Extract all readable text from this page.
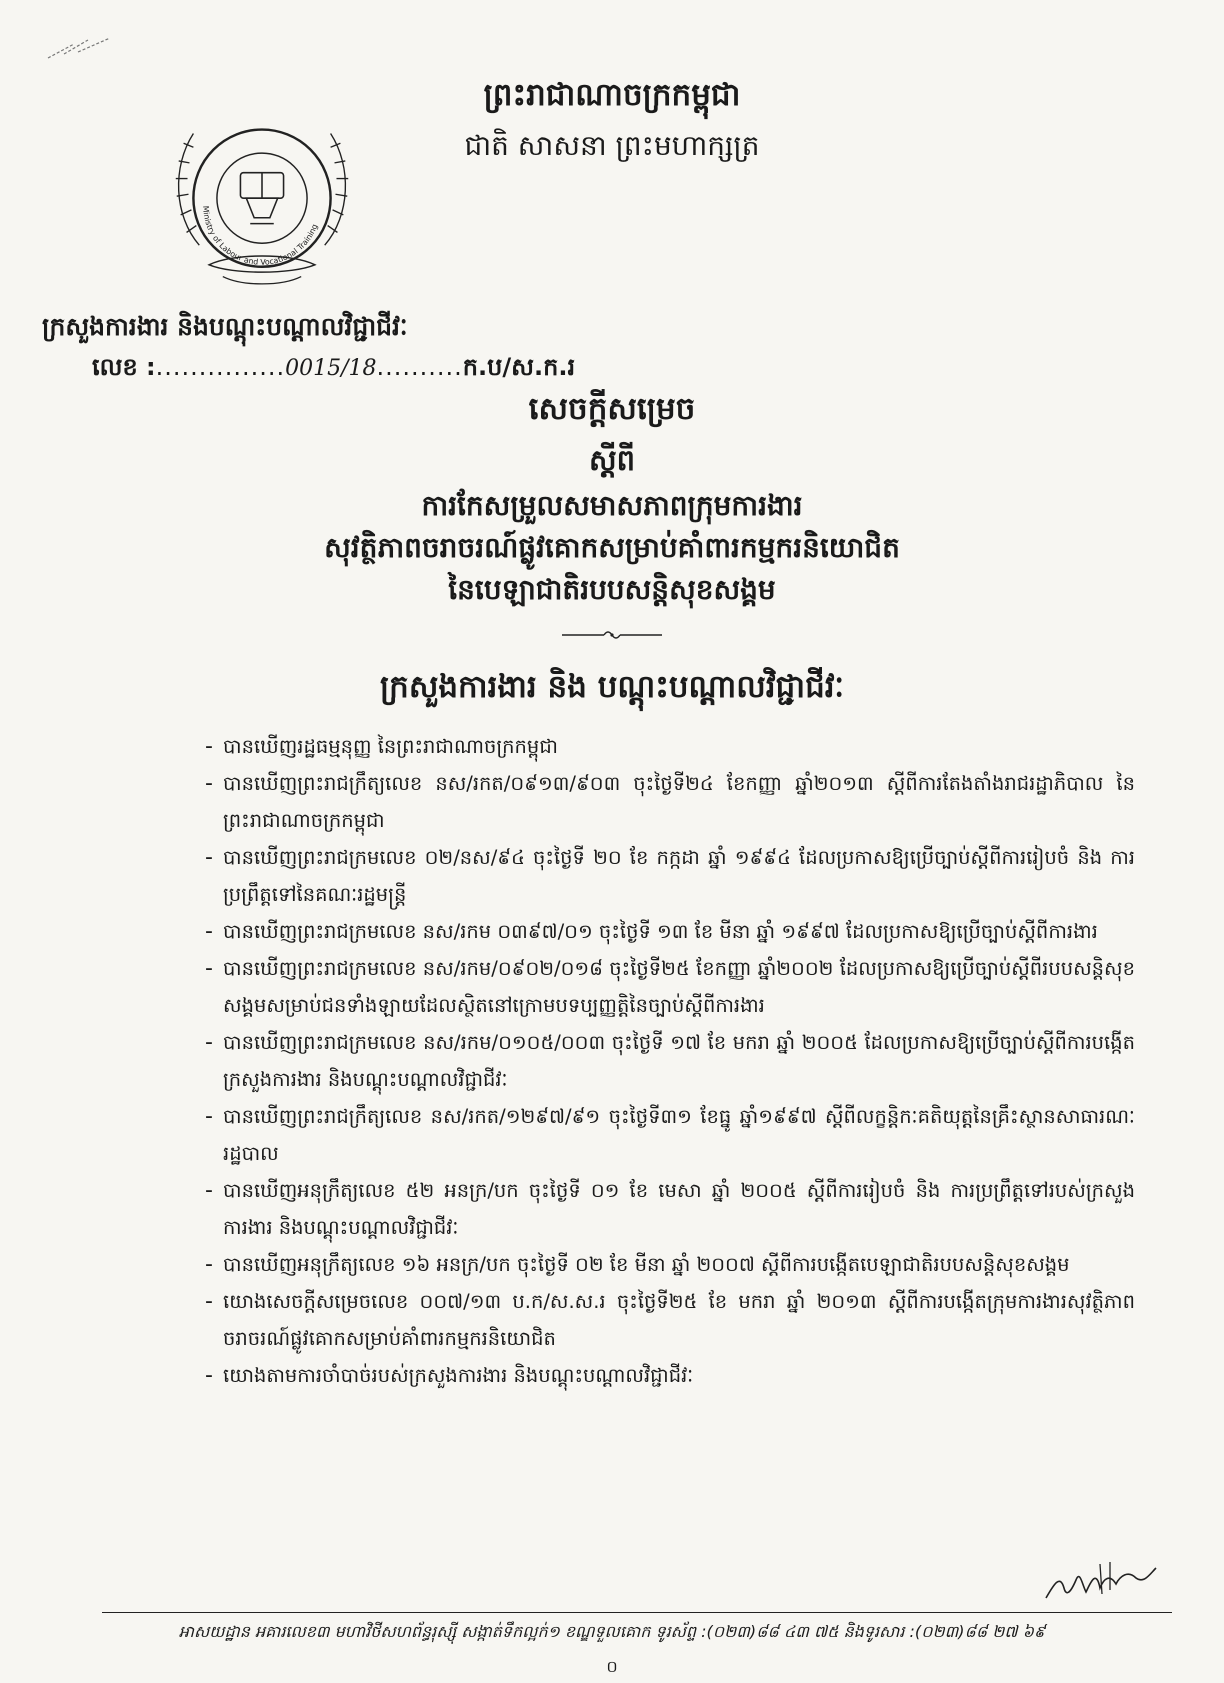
ព្រះរាជាណាចក្រកម្ពុជា
ជាតិ សាសនា ព្រះមហាក្សត្រ
Ministry of Labour and Vocational Training
ក្រសួងការងារ និងបណ្តុះបណ្តាលវិជ្ជាជីវៈ
លេខ : ............... 0015/18 .......... ក.ប/ស.ក.រ
សេចក្តីសម្រេច
ស្តីពី
ការកែសម្រួលសមាសភាពក្រុមការងារ
សុវត្ថិភាពចរាចរណ៍ផ្លូវគោកសម្រាប់គាំពារកម្មករនិយោជិត
នៃបេឡាជាតិរបបសន្តិសុខសង្គម
ក្រសួងការងារ និង បណ្តុះបណ្តាលវិជ្ជាជីវៈ
- បានឃើញរដ្ឋធម្មនុញ្ញ នៃព្រះរាជាណាចក្រកម្ពុជា
- បានឃើញព្រះរាជក្រឹត្យលេខ នស/រកត/០៩១៣/៩០៣ ចុះថ្ងៃទី២៤ ខែកញ្ញា ឆ្នាំ២០១៣ ស្តីពីការតែងតាំងរាជរដ្ឋាភិបាល នៃព្រះរាជាណាចក្រកម្ពុជា
- បានឃើញព្រះរាជក្រមលេខ ០២/នស/៩៤ ចុះថ្ងៃទី ២០ ខែ កក្កដា ឆ្នាំ ១៩៩៤ ដែលប្រកាសឱ្យប្រើច្បាប់ស្តីពីការរៀបចំ និង ការប្រព្រឹត្តទៅនៃគណៈរដ្ឋមន្ត្រី
- បានឃើញព្រះរាជក្រមលេខ នស/រកម ០៣៩៧/០១ ចុះថ្ងៃទី ១៣ ខែ មីនា ឆ្នាំ ១៩៩៧ ដែលប្រកាសឱ្យប្រើច្បាប់ស្តីពីការងារ
- បានឃើញព្រះរាជក្រមលេខ នស/រកម/០៩០២/០១៨ ចុះថ្ងៃទី២៥ ខែកញ្ញា ឆ្នាំ២០០២ ដែលប្រកាសឱ្យប្រើច្បាប់ស្តីពីរបបសន្តិសុខសង្គមសម្រាប់ជនទាំងឡាយដែលស្ថិតនៅក្រោមបទប្បញ្ញត្តិនៃច្បាប់ស្តីពីការងារ
- បានឃើញព្រះរាជក្រមលេខ នស/រកម/០១០៥/០០៣ ចុះថ្ងៃទី ១៧ ខែ មករា ឆ្នាំ ២០០៥ ដែលប្រកាសឱ្យប្រើច្បាប់ស្តីពីការបង្កើតក្រសួងការងារ និងបណ្តុះបណ្តាលវិជ្ជាជីវៈ
- បានឃើញព្រះរាជក្រឹត្យលេខ នស/រកត/១២៩៧/៩១ ចុះថ្ងៃទី៣១ ខែធ្នូ ឆ្នាំ១៩៩៧ ស្តីពីលក្ខន្តិកៈគតិយុត្តនៃគ្រឹះស្ថានសាធារណៈរដ្ឋបាល
- បានឃើញអនុក្រឹត្យលេខ ៥២ អនក្រ/បក ចុះថ្ងៃទី ០១ ខែ មេសា ឆ្នាំ ២០០៥ ស្តីពីការរៀបចំ និង ការប្រព្រឹត្តទៅរបស់ក្រសួងការងារ និងបណ្តុះបណ្តាលវិជ្ជាជីវៈ
- បានឃើញអនុក្រឹត្យលេខ ១៦ អនក្រ/បក ចុះថ្ងៃទី ០២ ខែ មីនា ឆ្នាំ ២០០៧ ស្តីពីការបង្កើតបេឡាជាតិរបបសន្តិសុខសង្គម
- យោងសេចក្តីសម្រេចលេខ ០០៧/១៣ ប.ក/ស.ស.រ ចុះថ្ងៃទី២៥ ខែ មករា ឆ្នាំ ២០១៣ ស្តីពីការបង្កើតក្រុមការងារសុវត្ថិភាពចរាចរណ៍ផ្លូវគោកសម្រាប់គាំពារកម្មករនិយោជិត
- យោងតាមការចាំបាច់របស់ក្រសួងការងារ និងបណ្តុះបណ្តាលវិជ្ជាជីវៈ
អាសយដ្ឋាន អគារលេខ៣ មហាវិថីសហព័ន្ធរុស្ស៊ី សង្កាត់ទឹកល្អក់១ ខណ្ឌទួលគោក ទូរស័ព្ទ :(០២៣)៨៨ ៤៣ ៧៥ និងទូរសារ :(០២៣)៨៨ ២៧ ៦៩
០
